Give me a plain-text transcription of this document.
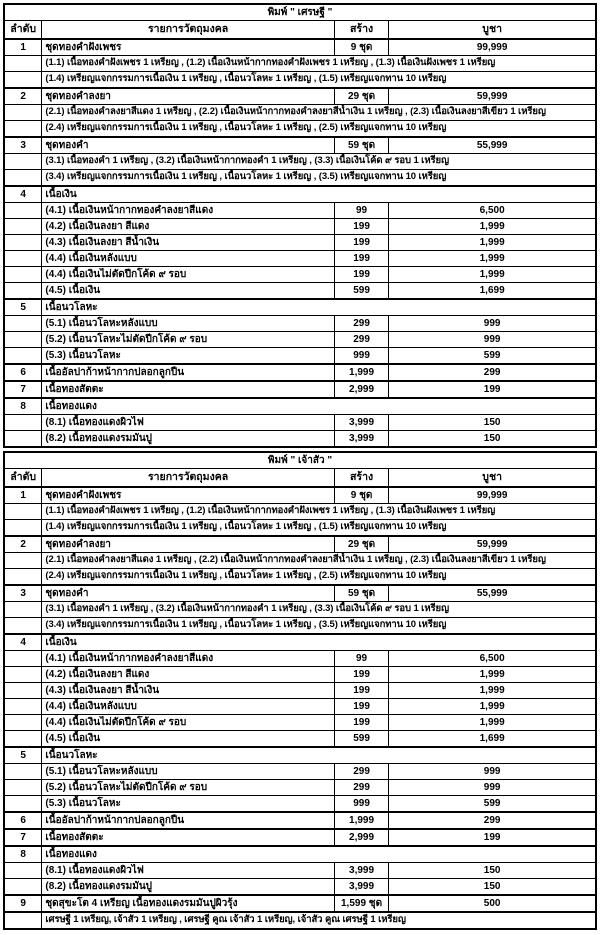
พิมพ์ " เศรษฐี "			
ลำดับ	รายการวัตถุมงคล	สร้าง	บูชา
1	ชุดทองคำฝังเพชร	9 ชุด	99,999
	(1.1) เนื้อทองคำฝังเพชร 1 เหรียญ , (1.2) เนื้อเงินหน้ากากทองคำฝังเพชร 1 เหรียญ , (1.3) เนื้อเงินฝังเพชร 1 เหรียญ		
	(1.4) เหรียญแจกกรรมการเนื้อเงิน 1 เหรียญ , เนื้อนวโลหะ 1 เหรียญ , (1.5) เหรียญแจกทาน 10 เหรียญ		
2	ชุดทองคำลงยา	29 ชุด	59,999
	(2.1) เนื้อทองคำลงยาสีแดง 1 เหรียญ , (2.2) เนื้อเงินหน้ากากทองคำลงยาสีน้ำเงิน 1 เหรียญ , (2.3) เนื้อเงินลงยาสีเขียว 1 เหรียญ		
	(2.4) เหรียญแจกกรรมการเนื้อเงิน 1 เหรียญ , เนื้อนวโลหะ 1 เหรียญ , (2.5) เหรียญแจกทาน 10 เหรียญ		
3	ชุดทองคำ	59 ชุด	55,999
	(3.1) เนื้อทองคำ 1 เหรียญ , (3.2) เนื้อเงินหน้ากากทองคำ 1 เหรียญ , (3.3) เนื้อเงินโค้ด ๙ รอบ 1 เหรียญ		
	(3.4) เหรียญแจกกรรมการเนื้อเงิน 1 เหรียญ , เนื้อนวโลหะ 1 เหรียญ , (3.5) เหรียญแจกทาน 10 เหรียญ		
4	เนื้อเงิน		
	(4.1) เนื้อเงินหน้ากากทองคำลงยาสีแดง	99	6,500
	(4.2) เนื้อเงินลงยา สีแดง	199	1,999
	(4.3) เนื้อเงินลงยา สีน้ำเงิน	199	1,999
	(4.4) เนื้อเงินหลังแบบ	199	1,999
	(4.4) เนื้อเงินไม่ตัดปีกโค้ด ๙ รอบ	199	1,999
	(4.5) เนื้อเงิน	599	1,699
5	เนื้อนวโลหะ		
	(5.1) เนื้อนวโลหะหลังแบบ	299	999
	(5.2) เนื้อนวโลหะไม่ตัดปีกโค้ด ๙ รอบ	299	999
	(5.3) เนื้อนวโลหะ	999	599
6	เนื้ออัลปาก้าหน้ากากปลอกลูกปืน	1,999	299
7	เนื้อทองสัตตะ	2,999	199
8	เนื้อทองแดง		
	(8.1) เนื้อทองแดงผิวไฟ	3,999	150
	(8.2) เนื้อทองแดงรมมันปู	3,999	150
พิมพ์ " เจ้าสัว "			
ลำดับ	รายการวัตถุมงคล	สร้าง	บูชา
1	ชุดทองคำฝังเพชร	9 ชุด	99,999
	(1.1) เนื้อทองคำฝังเพชร 1 เหรียญ , (1.2) เนื้อเงินหน้ากากทองคำฝังเพชร 1 เหรียญ , (1.3) เนื้อเงินฝังเพชร 1 เหรียญ		
	(1.4) เหรียญแจกกรรมการเนื้อเงิน 1 เหรียญ , เนื้อนวโลหะ 1 เหรียญ , (1.5) เหรียญแจกทาน 10 เหรียญ		
2	ชุดทองคำลงยา	29 ชุด	59,999
	(2.1) เนื้อทองคำลงยาสีแดง 1 เหรียญ , (2.2) เนื้อเงินหน้ากากทองคำลงยาสีน้ำเงิน 1 เหรียญ , (2.3) เนื้อเงินลงยาสีเขียว 1 เหรียญ		
	(2.4) เหรียญแจกกรรมการเนื้อเงิน 1 เหรียญ , เนื้อนวโลหะ 1 เหรียญ , (2.5) เหรียญแจกทาน 10 เหรียญ		
3	ชุดทองคำ	59 ชุด	55,999
	(3.1) เนื้อทองคำ 1 เหรียญ , (3.2) เนื้อเงินหน้ากากทองคำ 1 เหรียญ , (3.3) เนื้อเงินโค้ด ๙ รอบ 1 เหรียญ		
	(3.4) เหรียญแจกกรรมการเนื้อเงิน 1 เหรียญ , เนื้อนวโลหะ 1 เหรียญ , (3.5) เหรียญแจกทาน 10 เหรียญ		
4	เนื้อเงิน		
	(4.1) เนื้อเงินหน้ากากทองคำลงยาสีแดง	99	6,500
	(4.2) เนื้อเงินลงยา สีแดง	199	1,999
	(4.3) เนื้อเงินลงยา สีน้ำเงิน	199	1,999
	(4.4) เนื้อเงินหลังแบบ	199	1,999
	(4.4) เนื้อเงินไม่ตัดปีกโค้ด ๙ รอบ	199	1,999
	(4.5) เนื้อเงิน	599	1,699
5	เนื้อนวโลหะ		
	(5.1) เนื้อนวโลหะหลังแบบ	299	999
	(5.2) เนื้อนวโลหะไม่ตัดปีกโค้ด ๙ รอบ	299	999
	(5.3) เนื้อนวโลหะ	999	599
6	เนื้ออัลปาก้าหน้ากากปลอกลูกปืน	1,999	299
7	เนื้อทองสัตตะ	2,999	199
8	เนื้อทองแดง		
	(8.1) เนื้อทองแดงผิวไฟ	3,999	150
	(8.2) เนื้อทองแดงรมมันปู	3,999	150
9	ชุดสุขะโต 4 เหรียญ เนื้อทองแดงรมมันปูผิวรุ้ง	1,599 ชุด	500
	เศรษฐี 1 เหรียญ, เจ้าสัว 1 เหรียญ , เศรษฐี คูณ เจ้าสัว 1 เหรียญ, เจ้าสัว คูณ เศรษฐี 1 เหรียญ		
